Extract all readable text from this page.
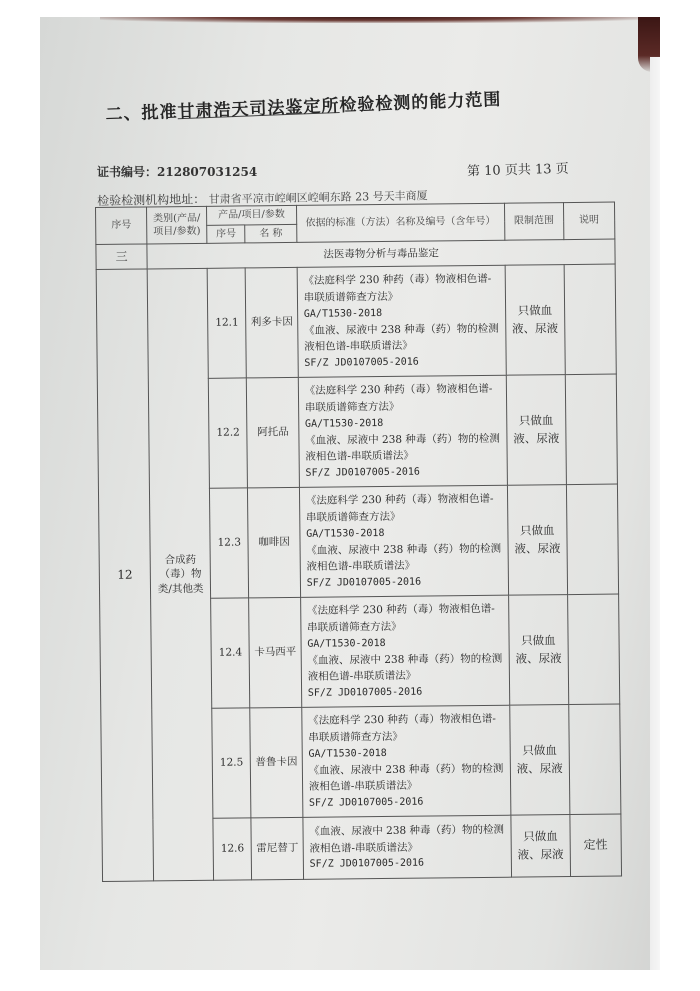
二、批准甘肃浩天司法鉴定所检验检测的能力范围
证书编号：212807031254	第 10 页共 13 页
检验检测机构地址： 甘肃省平凉市崆峒区崆峒东路 23 号天丰商厦
序号	类别(产品/项目/参数)	产品/项目/参数		依据的标准（方法）名称及编号（含年号）	限制范围	说明
		序号	名 称			
三	法医毒物分析与毒品鉴定					
12	合成药（毒）物类/其他类	12.1	利多卡因	《法庭科学 230 种药（毒）物液相色谱-串联质谱筛查方法》
GA/T1530-2018
《血液、尿液中 238 种毒（药）物的检测 液相色谱-串联质谱法》
SF/Z JD0107005-2016	只做血液、尿液	
		12.2	阿托品	《法庭科学 230 种药（毒）物液相色谱-串联质谱筛查方法》
GA/T1530-2018
《血液、尿液中 238 种毒（药）物的检测 液相色谱-串联质谱法》
SF/Z JD0107005-2016	只做血液、尿液	
		12.3	咖啡因	《法庭科学 230 种药（毒）物液相色谱-串联质谱筛查方法》
GA/T1530-2018
《血液、尿液中 238 种毒（药）物的检测 液相色谱-串联质谱法》
SF/Z JD0107005-2016	只做血液、尿液	
		12.4	卡马西平	《法庭科学 230 种药（毒）物液相色谱-串联质谱筛查方法》
GA/T1530-2018
《血液、尿液中 238 种毒（药）物的检测 液相色谱-串联质谱法》
SF/Z JD0107005-2016	只做血液、尿液	
		12.5	普鲁卡因	《法庭科学 230 种药（毒）物液相色谱-串联质谱筛查方法》
GA/T1530-2018
《血液、尿液中 238 种毒（药）物的检测 液相色谱-串联质谱法》
SF/Z JD0107005-2016	只做血液、尿液	
		12.6	雷尼替丁	《血液、尿液中 238 种毒（药）物的检测 液相色谱-串联质谱法》
SF/Z JD0107005-2016	只做血液、尿液	定性
